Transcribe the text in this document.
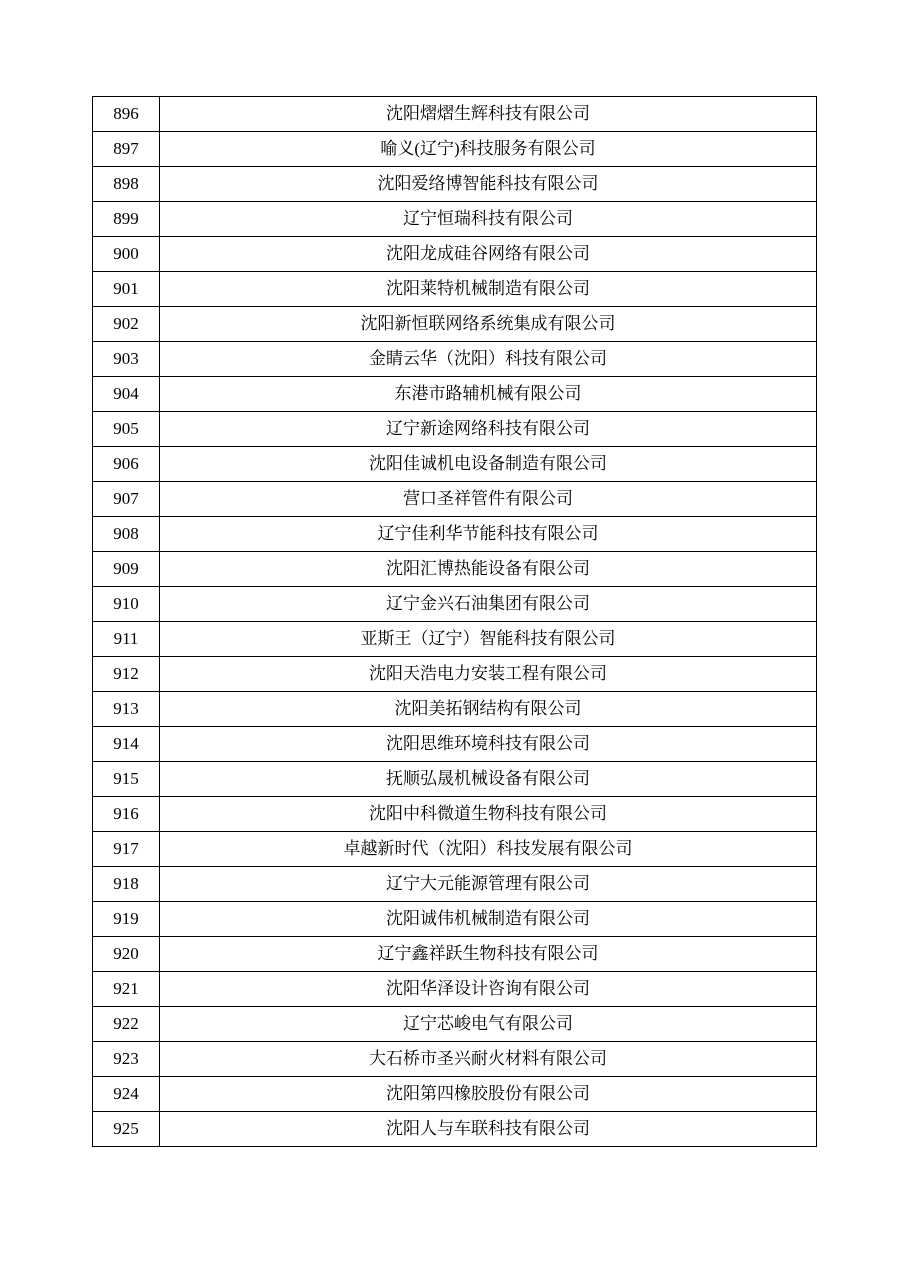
896	沈阳熠熠生辉科技有限公司
897	喻义(辽宁)科技服务有限公司
898	沈阳爱络博智能科技有限公司
899	辽宁恒瑞科技有限公司
900	沈阳龙成硅谷网络有限公司
901	沈阳莱特机械制造有限公司
902	沈阳新恒联网络系统集成有限公司
903	金睛云华（沈阳）科技有限公司
904	东港市路辅机械有限公司
905	辽宁新途网络科技有限公司
906	沈阳佳诚机电设备制造有限公司
907	营口圣祥管件有限公司
908	辽宁佳利华节能科技有限公司
909	沈阳汇博热能设备有限公司
910	辽宁金兴石油集团有限公司
911	亚斯王（辽宁）智能科技有限公司
912	沈阳天浩电力安装工程有限公司
913	沈阳美拓钢结构有限公司
914	沈阳思维环境科技有限公司
915	抚顺弘晟机械设备有限公司
916	沈阳中科微道生物科技有限公司
917	卓越新时代（沈阳）科技发展有限公司
918	辽宁大元能源管理有限公司
919	沈阳诚伟机械制造有限公司
920	辽宁鑫祥跃生物科技有限公司
921	沈阳华泽设计咨询有限公司
922	辽宁芯峻电气有限公司
923	大石桥市圣兴耐火材料有限公司
924	沈阳第四橡胶股份有限公司
925	沈阳人与车联科技有限公司
